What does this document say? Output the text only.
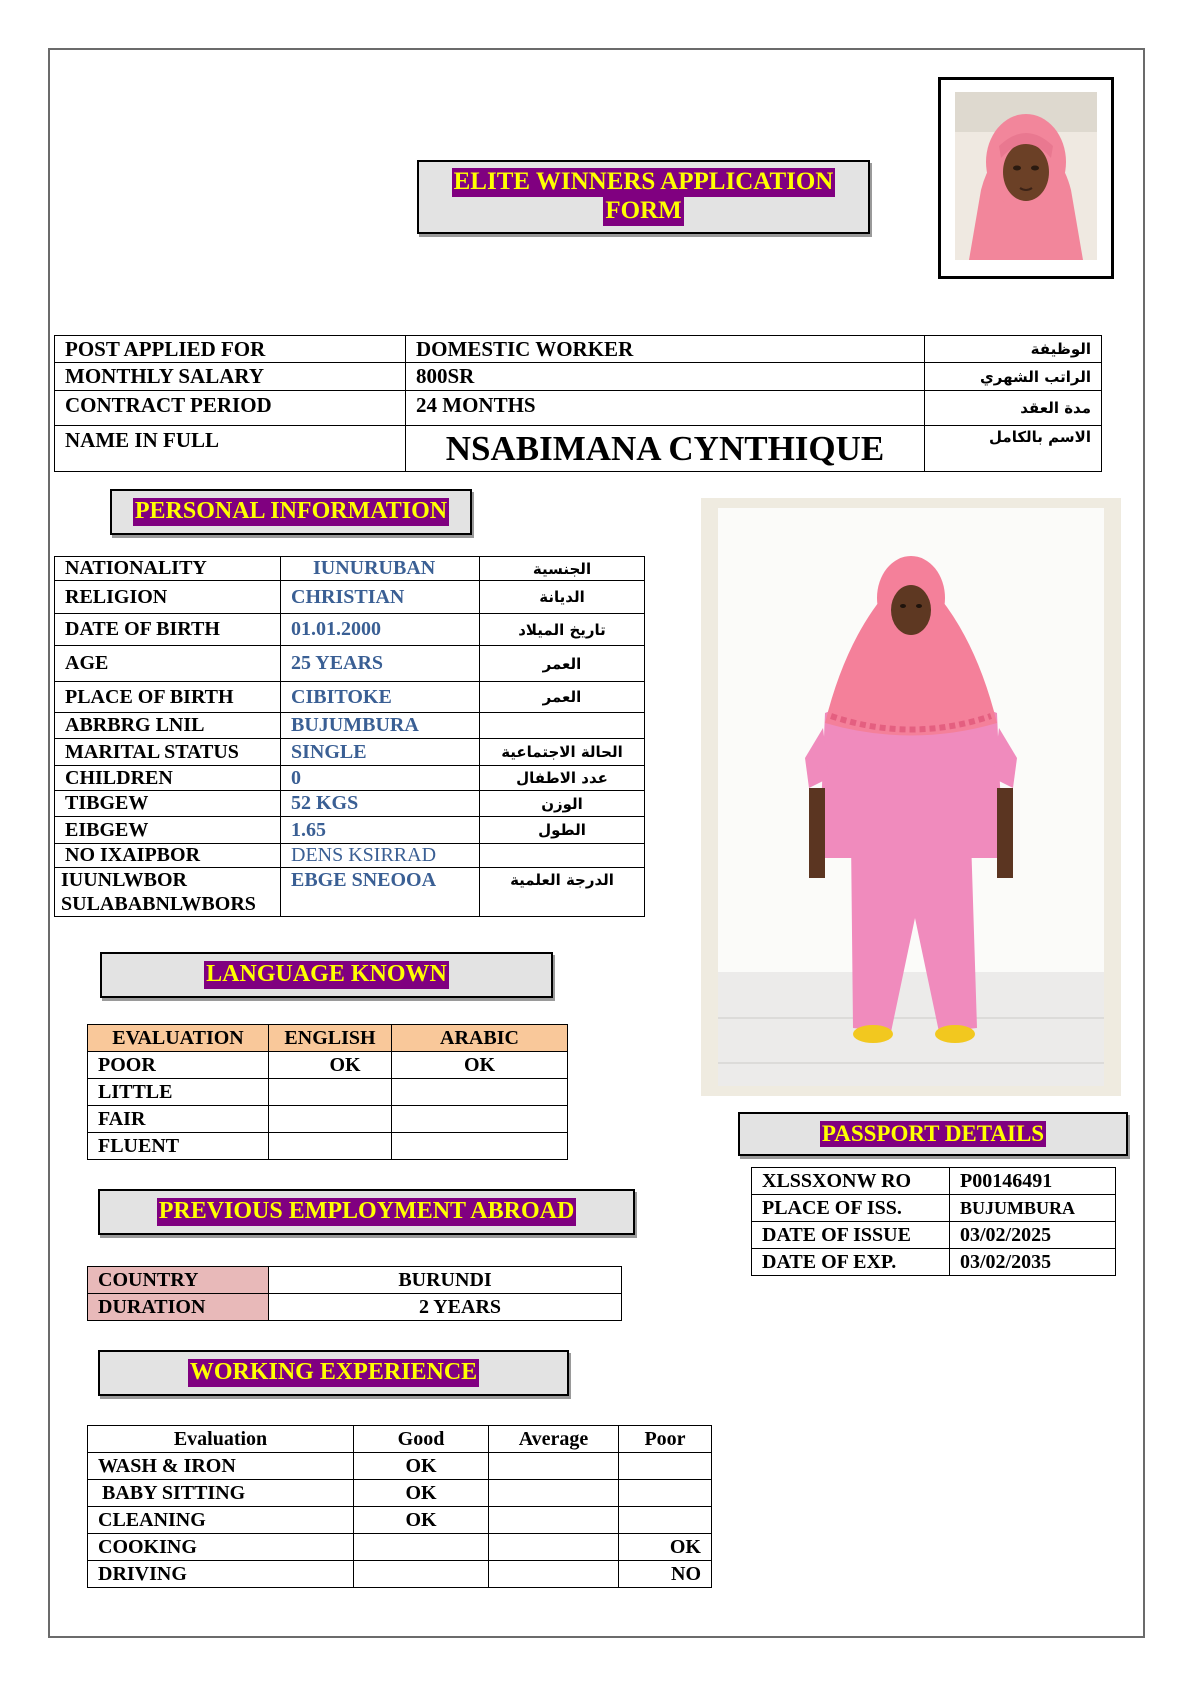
ELITE WINNERS APPLICATION
FORM
POST APPLIED FOR	DOMESTIC WORKER	الوظيفة
MONTHLY SALARY	800SR	الراتب الشهري
CONTRACT PERIOD	24 MONTHS	مدة العقد
NAME IN FULL	NSABIMANA CYNTHIQUE	الاسم بالكامل
PERSONAL INFORMATION
NATIONALITY	IUNURUBAN	الجنسية
RELIGION	CHRISTIAN	الديانة
DATE OF BIRTH	01.01.2000	تاريخ الميلاد
AGE	25 YEARS	العمر
PLACE OF BIRTH	CIBITOKE	العمر
ABRBRG LNIL	BUJUMBURA	
MARITAL STATUS	SINGLE	الحالة الاجتماعية
CHILDREN	0	عدد الاطفال
TIBGEW	52 KGS	الوزن
EIBGEW	1.65	الطول
NO IXAIPBOR	DENS KSIRRAD	

IUUNLWBOR
SULABABNLWBORS	EBGE SNEOOA	الدرجة العلمية
LANGUAGE KNOWN
EVALUATION	ENGLISH	ARABIC
POOR	OK	OK
LITTLE		
FAIR		
FLUENT		
PREVIOUS EMPLOYMENT ABROAD
COUNTRY	BURUNDI
DURATION	2 YEARS
WORKING EXPERIENCE
Evaluation	Good	Average	Poor
WASH & IRON	OK		
BABY SITTING	OK		
CLEANING	OK		
COOKING			OK
DRIVING			NO
PASSPORT DETAILS
XLSSXONW RO	P00146491
PLACE OF ISS.	BUJUMBURA
DATE OF ISSUE	03/02/2025
DATE OF EXP.	03/02/2035
